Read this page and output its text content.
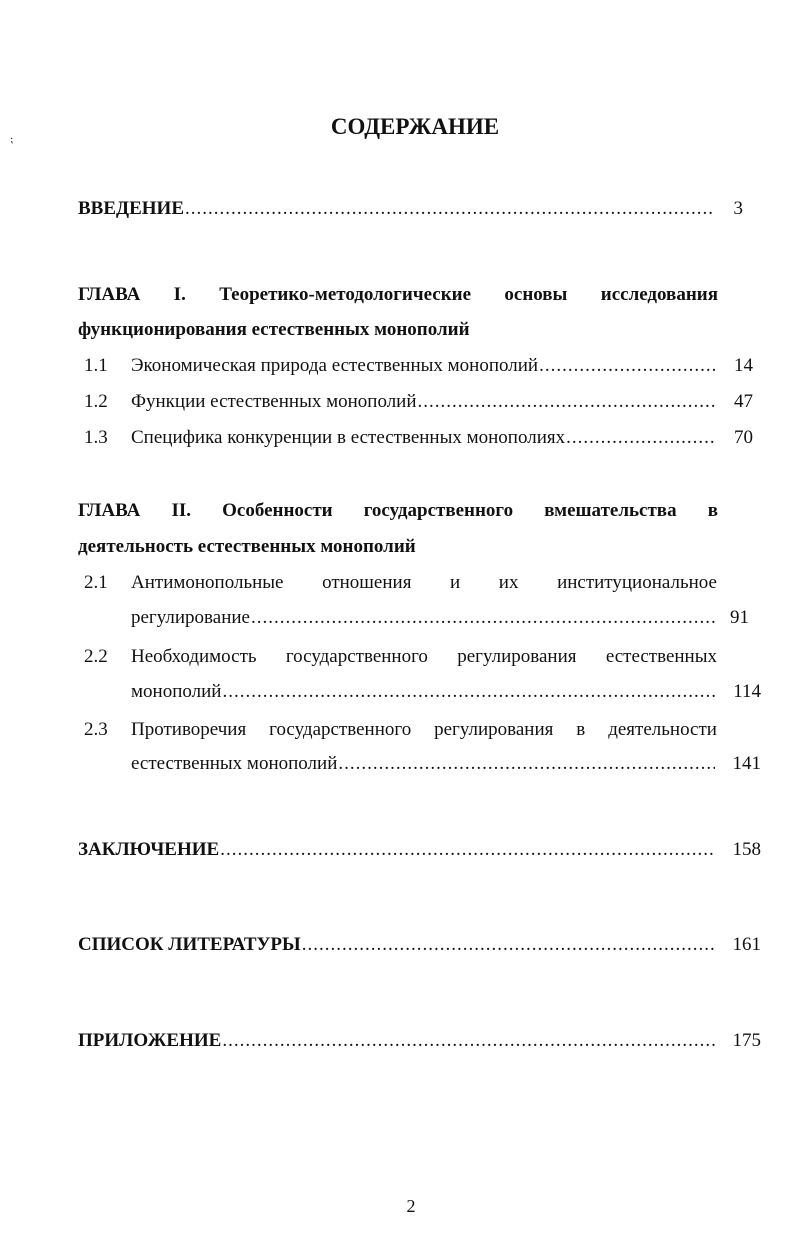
⁏
СОДЕРЖАНИЕ
ВВЕДЕНИЕ .....	3
ГЛАВА I. Теоретико-методологические основы исследования
функционирования естественных монополий
1.1 Экономическая природа естественных монополий .....	14
1.2 Функции естественных монополий .....	47
1.3 Специфика конкуренции в естественных монополиях .....	70
ГЛАВА II. Особенности государственного вмешательства в
деятельность естественных монополий
2.1 Антимонопольные отношения и их институциональное
регулирование .....	91
2.2 Необходимость государственного регулирования естественных
монополий .....	114
2.3 Противоречия государственного регулирования в деятельности
естественных монополий .....	141
ЗАКЛЮЧЕНИЕ .....	158
СПИСОК ЛИТЕРАТУРЫ .....	161
ПРИЛОЖЕНИЕ .....	175
2
